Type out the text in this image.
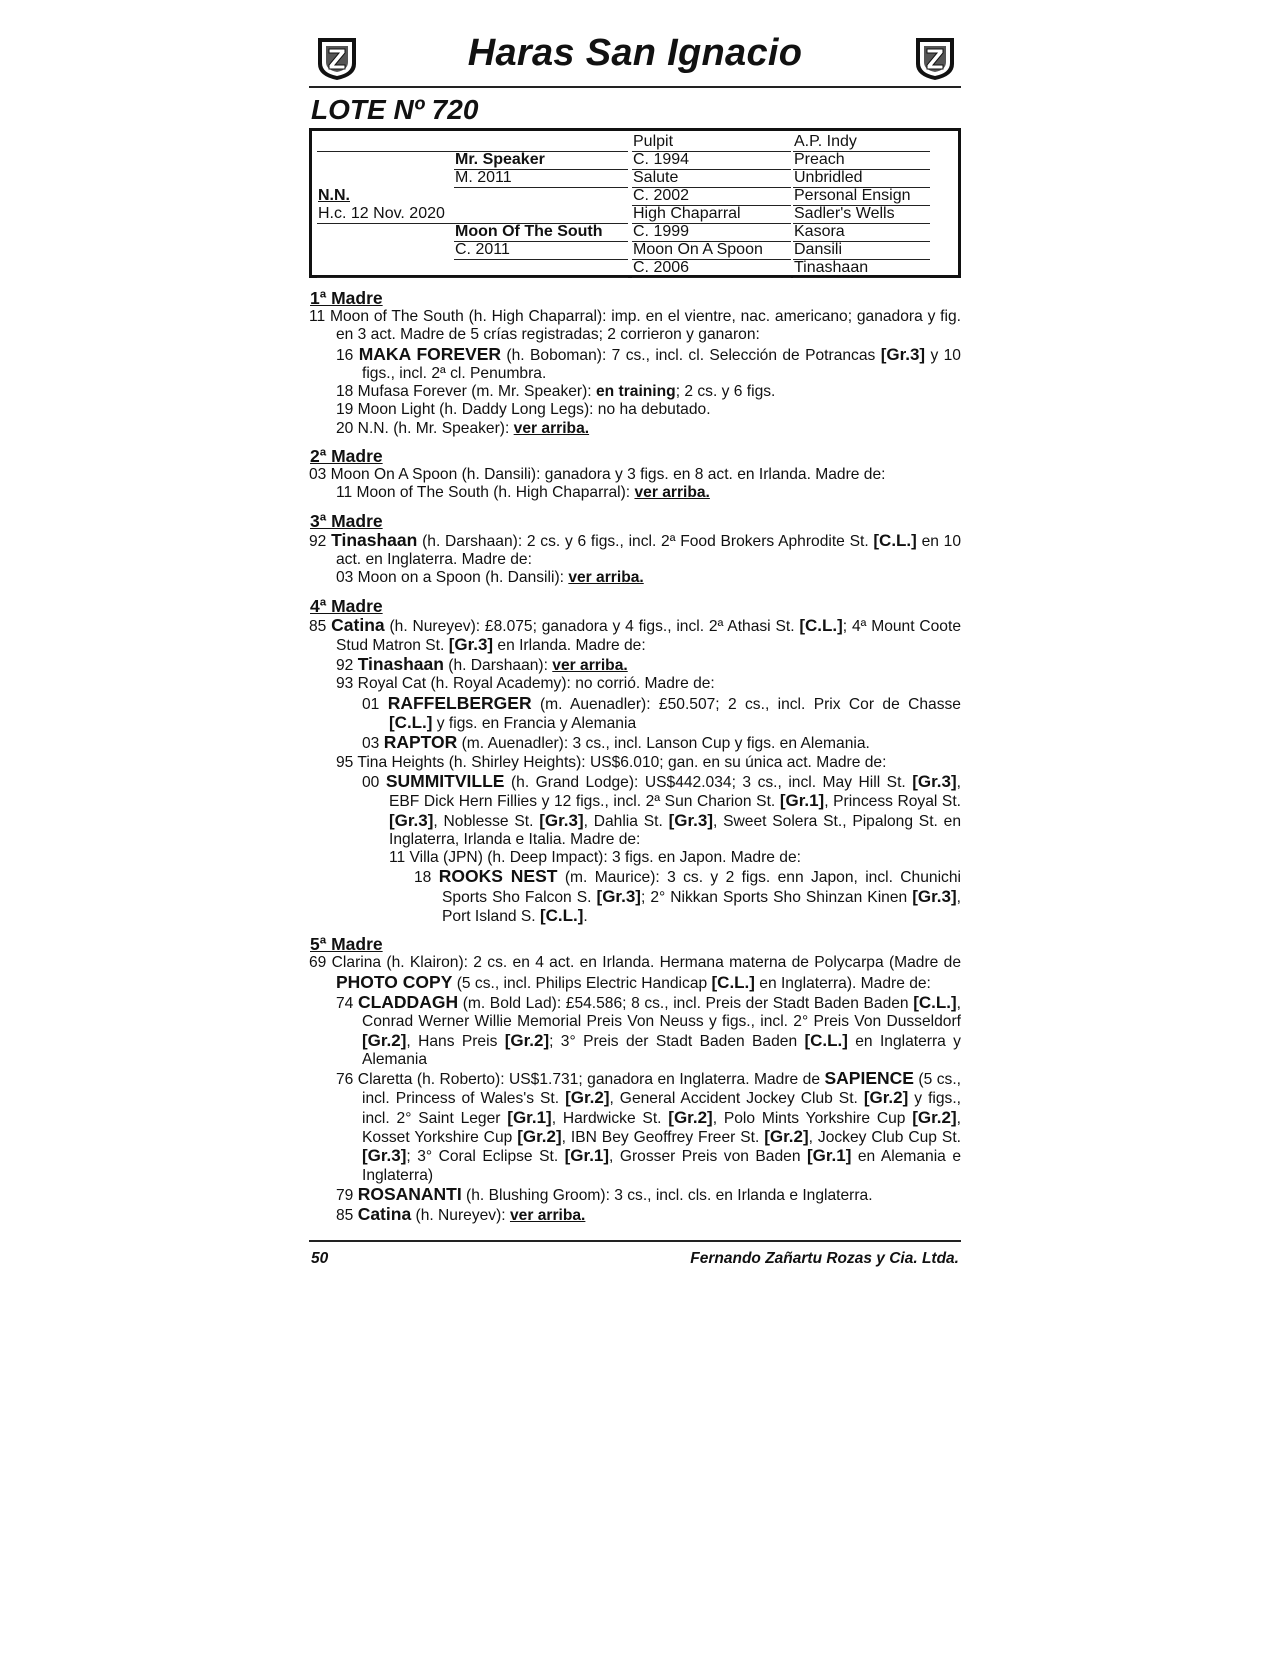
Haras San Ignacio
LOTE Nº 720
N.N.
H.c. 12 Nov. 2020
Mr. Speaker
M. 2011
Moon Of The South
C. 2011
Pulpit
C. 1994
Salute
C. 2002
High Chaparral
C. 1999
Moon On A Spoon
C. 2006
A.P. Indy
Preach
Unbridled
Personal Ensign
Sadler's Wells
Kasora
Dansili
Tinashaan
1ª Madre
11 Moon of The South (h. High Chaparral): imp. en el vientre, nac. americano; ganadora y fig. en 3 act. Madre de 5 crías registradas; 2 corrieron y ganaron:
16 MAKA FOREVER (h. Boboman): 7 cs., incl. cl. Selección de Potrancas [Gr.3] y 10 figs., incl. 2ª cl. Penumbra.
18 Mufasa Forever (m. Mr. Speaker): en training; 2 cs. y 6 figs.
19 Moon Light (h. Daddy Long Legs): no ha debutado.
20 N.N. (h. Mr. Speaker): ver arriba.
2ª Madre
03 Moon On A Spoon (h. Dansili): ganadora y 3 figs. en 8 act. en Irlanda. Madre de:
11 Moon of The South (h. High Chaparral): ver arriba.
3ª Madre
92 Tinashaan (h. Darshaan): 2 cs. y 6 figs., incl. 2ª Food Brokers Aphrodite St. [C.L.] en 10 act. en Inglaterra. Madre de:
03 Moon on a Spoon (h. Dansili): ver arriba.
4ª Madre
85 Catina (h. Nureyev): £8.075; ganadora y 4 figs., incl. 2ª Athasi St. [C.L.]; 4ª Mount Coote Stud Matron St. [Gr.3] en Irlanda. Madre de:
92 Tinashaan (h. Darshaan): ver arriba.
93 Royal Cat (h. Royal Academy): no corrió. Madre de:
01 RAFFELBERGER (m. Auenadler): £50.507; 2 cs., incl. Prix Cor de Chasse [C.L.] y figs. en Francia y Alemania
03 RAPTOR (m. Auenadler): 3 cs., incl. Lanson Cup y figs. en Alemania.
95 Tina Heights (h. Shirley Heights): US$6.010; gan. en su única act. Madre de:
00 SUMMITVILLE (h. Grand Lodge): US$442.034; 3 cs., incl. May Hill St. [Gr.3], EBF Dick Hern Fillies y 12 figs., incl. 2ª Sun Charion St. [Gr.1], Princess Royal St. [Gr.3], Noblesse St. [Gr.3], Dahlia St. [Gr.3], Sweet Solera St., Pipalong St. en Inglaterra, Irlanda e Italia. Madre de:
11 Villa (JPN) (h. Deep Impact): 3 figs. en Japon. Madre de:
18 ROOKS NEST (m. Maurice): 3 cs. y 2 figs. enn Japon, incl. Chunichi Sports Sho Falcon S. [Gr.3]; 2° Nikkan Sports Sho Shinzan Kinen [Gr.3], Port Island S. [C.L.].
5ª Madre
69 Clarina (h. Klairon): 2 cs. en 4 act. en Irlanda. Hermana materna de Polycarpa (Madre de PHOTO COPY (5 cs., incl. Philips Electric Handicap [C.L.] en Inglaterra). Madre de:
74 CLADDAGH (m. Bold Lad): £54.586; 8 cs., incl. Preis der Stadt Baden Baden [C.L.], Conrad Werner Willie Memorial Preis Von Neuss y figs., incl. 2° Preis Von Dusseldorf [Gr.2], Hans Preis [Gr.2]; 3° Preis der Stadt Baden Baden [C.L.] en Inglaterra y Alemania
76 Claretta (h. Roberto): US$1.731; ganadora en Inglaterra. Madre de SAPIENCE (5 cs., incl. Princess of Wales's St. [Gr.2], General Accident Jockey Club St. [Gr.2] y figs., incl. 2° Saint Leger [Gr.1], Hardwicke St. [Gr.2], Polo Mints Yorkshire Cup [Gr.2], Kosset Yorkshire Cup [Gr.2], IBN Bey Geoffrey Freer St. [Gr.2], Jockey Club Cup St. [Gr.3]; 3° Coral Eclipse St. [Gr.1], Grosser Preis von Baden [Gr.1] en Alemania e Inglaterra)
79 ROSANANTI (h. Blushing Groom): 3 cs., incl. cls. en Irlanda e Inglaterra.
85 Catina (h. Nureyev): ver arriba.
50	Fernando Zañartu Rozas y Cia. Ltda.
